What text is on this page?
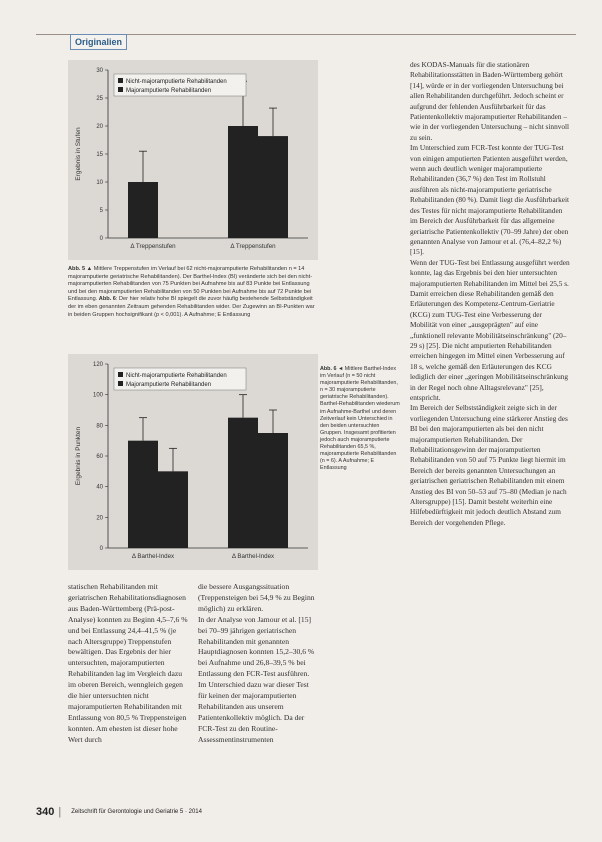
Originalien
0
5
10
15
20
25
30
Ergebnis in Stufen
Δ Treppenstufen	Δ Treppenstufen
Nicht-majoramputierte Rehabilitanden
Majoramputierte Rehabilitanden
Abb. 5 ▲ Mittlere Treppenstufen im Verlauf bei 62 nicht-majoramputierte Rehabilitanden n = 14 majoramputierte geriatrische Rehabilitanden). Der Barthel-Index (BI) veränderte sich bei den nicht-majoramputierten Rehabilitanden von 75 Punkten bei Aufnahme bis auf 83 Punkte bei Entlassung und bei den majoramputierten Rehabilitanden von 50 Punkten bei Aufnahme bis auf 72 Punkte bei Entlassung. Abb. 6: Der hier relativ hohe BI spiegelt die zuvor häufig bestehende Selbstständigkeit der im eben genannten Zeitraum gehenden Rehabilitanden wider. Der Zugewinn an BI-Punkten war in beiden Gruppen hochsignifikant (p < 0,001). A Aufnahme; E Entlassung
0
20
40
60
80
100
120
Ergebnis in Punkten
Δ Barthel-Index	Δ Barthel-Index
Nicht-majoramputierte Rehabilitanden
Majoramputierte Rehabilitanden
Abb. 6 ◄ Mittlere Barthel-Index im Verlauf (n = 50 nicht majoramputierte Rehabilitanden, n = 30 majoramputierte geriatrische Rehabilitanden). Barthel-Rehabilitanden wiederum im Aufnahme-Barthel und deren Zeitverlauf kein Unterschied in den beiden untersuchten Gruppen. Insgesamt profitierten jedoch auch majoramputierte Rehabilitanden 65,5 %, majoramputierte Rehabilitanden (n = 6). A Aufnahme; E Entlassung
statischen Rehabilitanden mit geriatrischen Rehabilitationsdiagnosen aus Baden-Württemberg (Prä-post-Analyse) konnten zu Beginn 4,5–7,6 % und bei Entlassung 24,4–41,5 % (je nach Altersgruppe) Treppenstufen bewältigen. Das Ergebnis der hier untersuchten, majoramputierten Rehabilitanden lag im Vergleich dazu im oberen Bereich, wenngleich gegen die hier untersuchten nicht majoramputierten Rehabilitanden mit Entlassung von 80,5 % Treppensteigen konnten. Am ehesten ist dieser hohe Wert durch
die bessere Ausgangssituation (Treppensteigen bei 54,9 % zu Beginn möglich) zu erklären.
In der Analyse von Jamour et al. [15] bei 70–99 jährigen geriatrischen Rehabilitanden mit genannten Hauptdiagnosen konnten 15,2–30,6 % bei Aufnahme und 26,8–39,5 % bei Entlassung den FCR-Test ausführen. Im Unterschied dazu war dieser Test für keinen der majoramputierten Rehabilitanden aus unserem Patientenkollektiv möglich. Da der FCR-Test zu den Routine-Assessmentinstrumenten
des KODAS-Manuals für die stationären Rehabilitationsstätten in Baden-Württemberg gehört [14], würde er in der vorliegenden Untersuchung bei allen Rehabilitanden durchgeführt. Jedoch scheint er aufgrund der fehlenden Ausführbarkeit für das Patientenkollektiv majoramputierter Rehabilitanden – wie in der vorliegenden Untersuchung – nicht sinnvoll zu sein.
Im Unterschied zum FCR-Test konnte der TUG-Test von einigen amputierten Patienten ausgeführt werden, wenn auch deutlich weniger majoramputierte Rehabilitanden (36,7 %) den Test im Rollstuhl ausführen als nicht-majoramputierte geriatrische Rehabilitanden (80 %). Damit liegt die Ausführbarkeit des Testes für nicht majoramputierte Rehabilitanden im Bereich der Ausführbarkeit für das allgemeine geriatrische Patientenkollektiv (70–99 Jahre) der oben genannten Analyse von Jamour et al. (76,4–82,2 %) [15].
Wenn der TUG-Test bei Entlassung ausgeführt werden konnte, lag das Ergebnis bei den hier untersuchten majoramputierten Rehabilitanden im Mittel bei 25,5 s. Damit erreichen diese Rehabilitanden gemäß den Erläuterungen des Kompetenz-Centrum-Geriatrie (KCG) zum TUG-Test eine Verbesserung der Mobilität von einer „ausgeprägten" auf eine „funktionell relevante Mobilitätseinschränkung" (20–29 s) [25]. Die nicht amputierten Rehabilitanden erreichen hingegen im Mittel einen Verbesserung auf 18 s, welche gemäß den Erläuterungen des KCG lediglich der einer „geringen Mobilitätseinschränkung in der Regel noch ohne Alltagsrelevanz" [25], entspricht.
Im Bereich der Selbstständigkeit zeigte sich in der vorliegenden Untersuchung eine stärkerer Anstieg des BI bei den majoramputierten als bei den nicht majoramputierten Rehabilitanden. Der Rehabilitationsgewinn der majoramputierten Rehabilitanden von 50 auf 75 Punkte liegt hiermit im Bereich der bereits genannten Untersuchungen an geriatrischen geriatrischen Rehabilitanden mit einem Anstieg des BI von 50–53 auf 75–80 (Median je nach Altersgruppe) [15]. Damit besteht weiterhin eine Hilfebedürftigkeit mit jedoch deutlich Abstand zum Bereich der vorgehenden Pflege.
340 | Zeitschrift für Gerontologie und Geriatrie 5 · 2014
